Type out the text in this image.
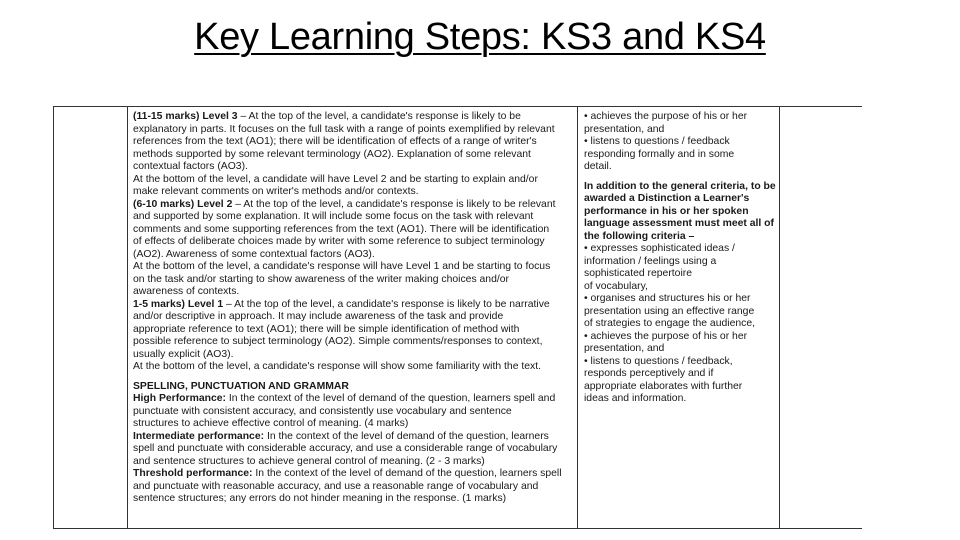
Key Learning Steps: KS3 and KS4
(11-15 marks) Level 3 – At the top of the level, a candidate's response is likely to be
explanatory in parts. It focuses on the full task with a range of points exemplified by relevant
references from the text (AO1); there will be identification of effects of a range of writer's
methods supported by some relevant terminology (AO2). Explanation of some relevant
contextual factors (AO3).
At the bottom of the level, a candidate will have Level 2 and be starting to explain and/or
make relevant comments on writer's methods and/or contexts.
(6-10 marks) Level 2 – At the top of the level, a candidate's response is likely to be relevant
and supported by some explanation. It will include some focus on the task with relevant
comments and some supporting references from the text (AO1). There will be identification
of effects of deliberate choices made by writer with some reference to subject terminology
(AO2). Awareness of some contextual factors (AO3).
At the bottom of the level, a candidate's response will have Level 1 and be starting to focus
on the task and/or starting to show awareness of the writer making choices and/or
awareness of contexts.
1-5 marks) Level 1 – At the top of the level, a candidate's response is likely to be narrative
and/or descriptive in approach. It may include awareness of the task and provide
appropriate reference to text (AO1); there will be simple identification of method with
possible reference to subject terminology (AO2). Simple comments/responses to context,
usually explicit (AO3).
At the bottom of the level, a candidate's response will show some familiarity with the text.
SPELLING, PUNCTUATION AND GRAMMAR
High Performance: In the context of the level of demand of the question, learners spell and
punctuate with consistent accuracy, and consistently use vocabulary and sentence
structures to achieve effective control of meaning. (4 marks)
Intermediate performance: In the context of the level of demand of the question, learners
spell and punctuate with considerable accuracy, and use a considerable range of vocabulary
and sentence structures to achieve general control of meaning. (2 - 3 marks)
Threshold performance: In the context of the level of demand of the question, learners spell
and punctuate with reasonable accuracy, and use a reasonable range of vocabulary and
sentence structures; any errors do not hinder meaning in the response. (1 marks)
• achieves the purpose of his or her
presentation, and
• listens to questions / feedback
responding formally and in some
detail.
In addition to the general criteria, to be
awarded a Distinction a Learner's
performance in his or her spoken
language assessment must meet all of
the following criteria –
• expresses sophisticated ideas /
information / feelings using a
sophisticated repertoire
of vocabulary,
• organises and structures his or her
presentation using an effective range
of strategies to engage the audience,
• achieves the purpose of his or her
presentation, and
• listens to questions / feedback,
responds perceptively and if
appropriate elaborates with further
ideas and information.
